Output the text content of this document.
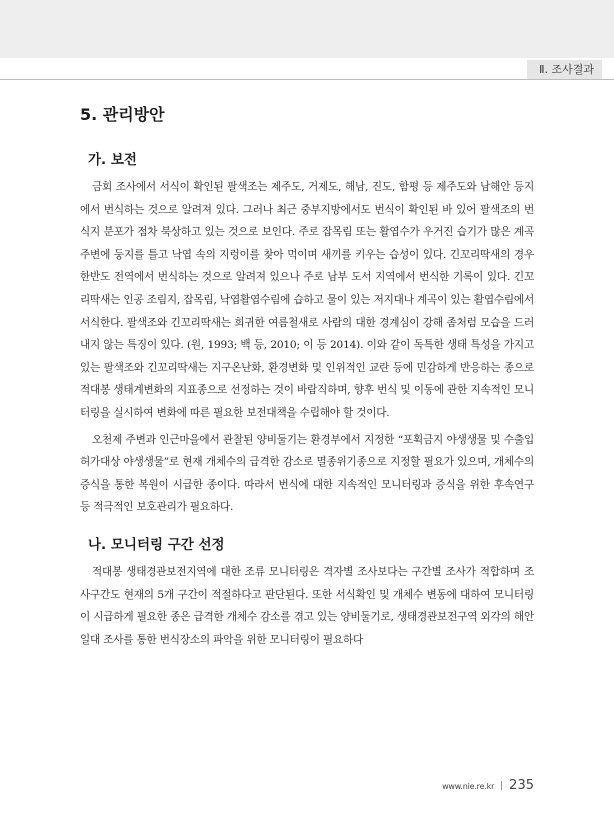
Ⅱ. 조사결과
5. 관리방안
가. 보전

금회 조사에서 서식이 확인된 팔색조는 제주도, 거제도, 해남, 진도, 함평 등 제주도와 남해안 등지에서 번식하는 것으로 알려져 있다. 그러나 최근 중부지방에서도 번식이 확인된 바 있어 팔색조의 번식지 분포가 점차 북상하고 있는 것으로 보인다. 주로 잡목림 또는 활엽수가 우거진 습기가 많은 계곡주변에 둥지를 틀고 낙엽 속의 지렁이를 찾아 먹이며 새끼를 키우는 습성이 있다. 긴꼬리딱새의 경우 한반도 전역에서 번식하는 것으로 알려져 있으나 주로 남부 도서 지역에서 번식한 기록이 있다. 긴꼬리딱새는 인공 조림지, 잡목림, 낙엽활엽수림에 습하고 물이 있는 저지대나 계곡이 있는 활엽수림에서 서식한다. 팔색조와 긴꼬리딱새는 희귀한 여름철새로 사람의 대한 경계심이 강해 좀처럼 모습을 드러내지 않는 특징이 있다. (원, 1993; 백 등, 2010; 이 등 2014). 이와 같이 독특한 생태 특성을 가지고 있는 팔색조와 긴꼬리딱새는 지구온난화, 환경변화 및 인위적인 교란 등에 민감하게 반응하는 종으로 적대봉 생태계변화의 지표종으로 선정하는 것이 바람직하며, 향후 번식 및 이동에 관한 지속적인 모니터링을 실시하여 변화에 따른 필요한 보전대책을 수립해야 할 것이다.

오천제 주변과 인근마을에서 관찰된 양비둘기는 환경부에서 지정한 “포획금지 야생생물 및 수출입 허가대상 야생생물”로 현재 개체수의 급격한 감소로 멸종위기종으로 지정할 필요가 있으며, 개체수의 증식을 통한 복원이 시급한 종이다. 따라서 번식에 대한 지속적인 모니터링과 증식을 위한 후속연구 등 적극적인 보호관리가 필요하다.

나. 모니터링 구간 선정

적대봉 생태경관보전지역에 대한 조류 모니터링은 격자별 조사보다는 구간별 조사가 적합하며 조사구간도 현재의 5개 구간이 적절하다고 판단된다. 또한 서식확인 및 개체수 변동에 대하여 모니터링이 시급하게 필요한 종은 급격한 개체수 감소를 겪고 있는 양비둘기로, 생태경관보전구역 외각의 해안일대 조사를 통한 번식장소의 파악을 위한 모니터링이 필요하다

www.nie.re.kr 235
